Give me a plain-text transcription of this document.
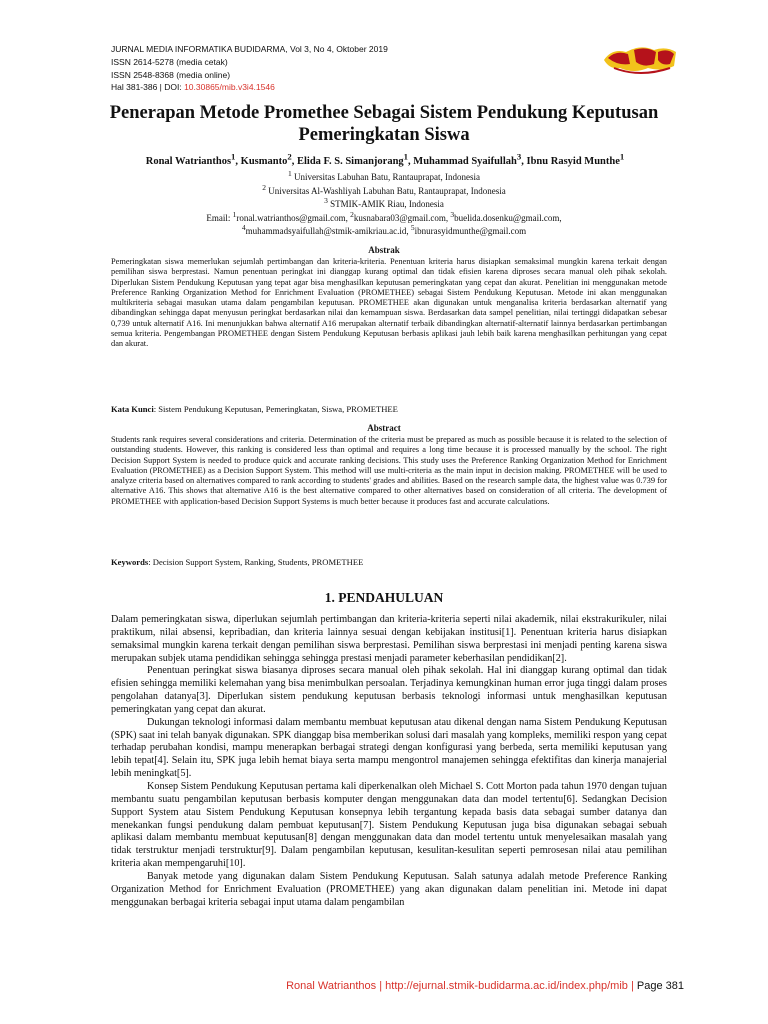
JURNAL MEDIA INFORMATIKA BUDIDARMA, Vol 3, No 4, Oktober 2019
ISSN 2614-5278 (media cetak)
ISSN 2548-8368 (media online)
Hal 381-386 | DOI: 10.30865/mib.v3i4.1546
Penerapan Metode Promethee Sebagai Sistem Pendukung Keputusan Pemeringkatan Siswa
Ronal Watrianthos$^1$, Kusmanto$^2$, Elida F. S. Simanjorang$^1$, Muhammad Syaifullah$^3$, Ibnu Rasyid Munthe$^1$
$^1$ Universitas Labuhan Batu, Rantauprapat, Indonesia
$^2$ Universitas Al-Washliyah Labuhan Batu, Rantauprapat, Indonesia
$^3$ STMIK-AMIK Riau, Indonesia
Email: $^1$ronal.watrianthos@gmail.com, $^2$kusnabara03@gmail.com, $^3$buelida.dosenku@gmail.com,
$^4$muhammadsyaifullah@stmik-amikriau.ac.id, $^5$ibnurasyidmunthe@gmail.com
Abstrak

Pemeringkatan siswa memerlukan sejumlah pertimbangan dan kriteria-kriteria. Penentuan kriteria harus disiapkan semaksimal mungkin karena terkait dengan pemilihan siswa berprestasi. Namun penentuan peringkat ini dianggap kurang optimal dan tidak efisien karena diproses secara manual oleh pihak sekolah. Diperlukan Sistem Pendukung Keputusan yang tepat agar bisa menghasilkan keputusan pemeringkatan yang cepat dan akurat. Penelitian ini menggunakan metode Preference Ranking Organization Method for Enrichment Evaluation (PROMETHEE) sebagai Sistem Pendukung Keputusan. Metode ini akan menggunakan multikriteria sebagai masukan utama dalam pengambilan keputusan. PROMETHEE akan digunakan untuk menganalisa kriteria berdasarkan alternatif yang dibandingkan sehingga dapat menyusun peringkat berdasarkan nilai dan kemampuan siswa. Berdasarkan data sampel penelitian, nilai tertinggi didapatkan sebesar 0,739 untuk alternatif A16. Ini menunjukkan bahwa alternatif A16 merupakan alternatif terbaik dibandingkan alternatif-alternatif lainnya berdasarkan pertimbangan semua kriteria. Pengembangan PROMETHEE dengan Sistem Pendukung Keputusan berbasis aplikasi jauh lebih baik karena menghasilkan perhitungan yang cepat dan akurat.

Kata Kunci: Sistem Pendukung Keputusan, Pemeringkatan, Siswa, PROMETHEE
Abstract

Students rank requires several considerations and criteria. Determination of the criteria must be prepared as much as possible because it is related to the selection of outstanding students. However, this ranking is considered less than optimal and requires a long time because it is processed manually by the school. The right Decision Support System is needed to produce quick and accurate ranking decisions. This study uses the Preference Ranking Organization Method for Enrichment Evaluation (PROMETHEE) as a Decision Support System. This method will use multi-criteria as the main input in decision making. PROMETHEE will be used to analyze criteria based on alternatives compared to rank according to students' grades and abilities. Based on the research sample data, the highest value was 0.739 for alternative A16. This shows that alternative A16 is the best alternative compared to other alternatives based on consideration of all criteria. The development of PROMETHEE with application-based Decision Support Systems is much better because it produces fast and accurate calculations.

Keywords: Decision Support System, Ranking, Students, PROMETHEE
1. PENDAHULUAN

Dalam pemeringkatan siswa, diperlukan sejumlah pertimbangan dan kriteria-kriteria seperti nilai akademik, nilai ekstrakurikuler, nilai praktikum, nilai absensi, kepribadian, dan kriteria lainnya sesuai dengan kebijakan institusi[1]. Penentuan kriteria harus disiapkan semaksimal mungkin karena terkait dengan pemilihan siswa berprestasi. Pemilihan siswa berprestasi ini menjadi penting karena siswa merupakan subjek utama pendidikan sehingga sehingga prestasi menjadi parameter keberhasilan pendidikan[2].

Penentuan peringkat siswa biasanya diproses secara manual oleh pihak sekolah. Hal ini dianggap kurang optimal dan tidak efisien sehingga memiliki kelemahan yang bisa menimbulkan persoalan. Terjadinya kemungkinan human error juga tinggi dalam proses pengolahan datanya[3]. Diperlukan sistem pendukung keputusan berbasis teknologi informasi untuk menghasilkan keputusan pemeringkatan yang cepat dan akurat.

Dukungan teknologi informasi dalam membantu membuat keputusan atau dikenal dengan nama Sistem Pendukung Keputusan (SPK) saat ini telah banyak digunakan. SPK dianggap bisa memberikan solusi dari masalah yang kompleks, memiliki respon yang cepat terhadap perubahan kondisi, mampu menerapkan berbagai strategi dengan konfigurasi yang berbeda, serta memiliki keputusan yang lebih tepat[4]. Selain itu, SPK juga lebih hemat biaya serta mampu mengontrol manajemen sehingga efektifitas dan kinerja manajerial lebih meningkat[5].

Konsep Sistem Pendukung Keputusan pertama kali diperkenalkan oleh Michael S. Cott Morton pada tahun 1970 dengan tujuan membantu suatu pengambilan keputusan berbasis komputer dengan menggunakan data dan model tertentu[6]. Sedangkan Decision Support System atau Sistem Pendukung Keputusan konsepnya lebih tergantung kepada basis data sebagai sumber datanya dan menekankan fungsi pendukung dalam pembuat keputusan[7]. Sistem Pendukung Keputusan juga bisa digunakan sebagai sebuah aplikasi dalam membantu membuat keputusan[8] dengan menggunakan data dan model tertentu untuk menyelesaikan masalah yang tidak terstruktur menjadi terstruktur[9]. Dalam pengambilan keputusan, kesulitan-kesulitan seperti pemrosesan nilai atau pemilihan kriteria akan mempengaruhi[10].

Banyak metode yang digunakan dalam Sistem Pendukung Keputusan. Salah satunya adalah metode Preference Ranking Organization Method for Enrichment Evaluation (PROMETHEE) yang akan digunakan dalam penelitian ini. Metode ini dapat menggunakan berbagai kriteria sebagai input utama dalam pengambilan

Ronal Watrianthos | http://ejurnal.stmik-budidarma.ac.id/index.php/mib | Page 381
